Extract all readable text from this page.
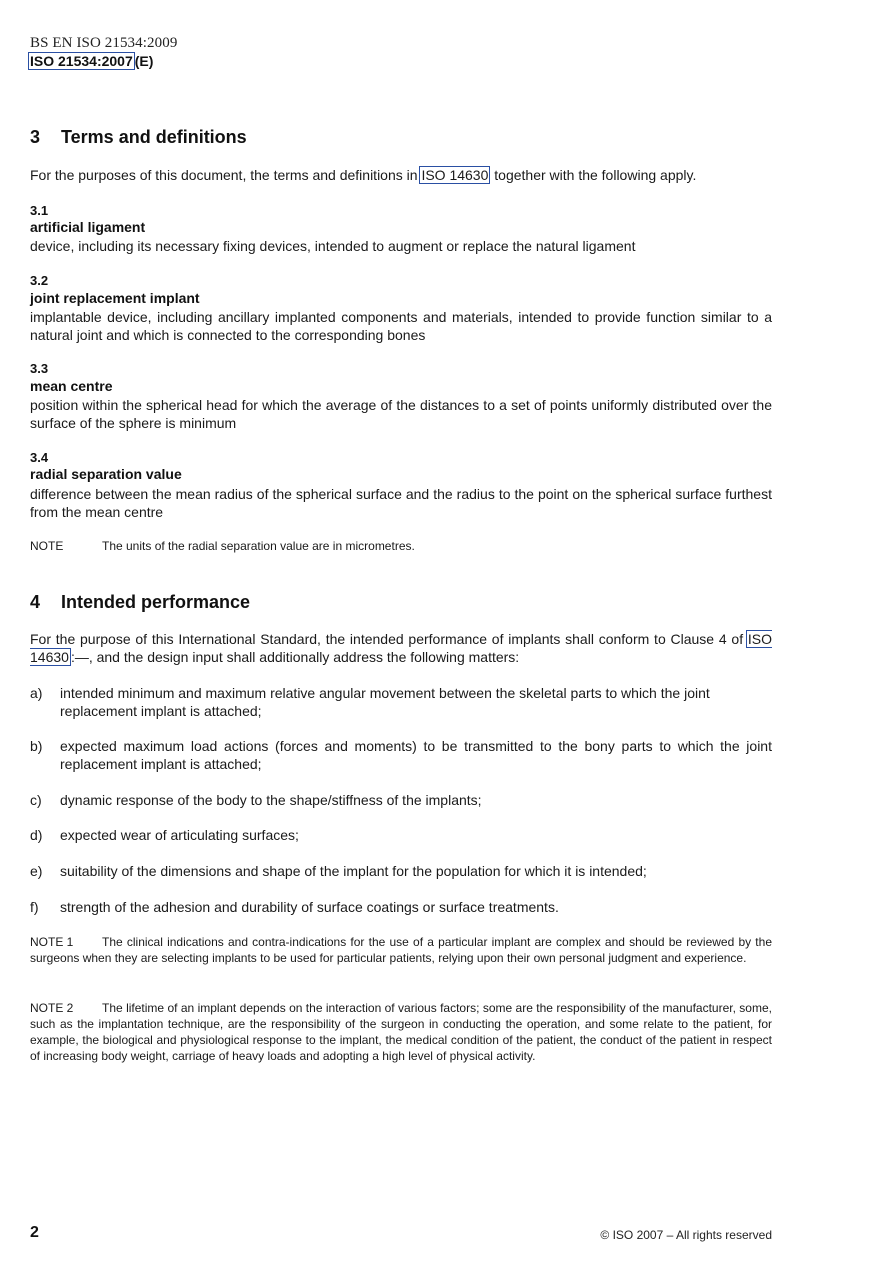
BS EN ISO 21534:2009
ISO 21534:2007 (E)
3 Terms and definitions
For the purposes of this document, the terms and definitions in ISO 14630 together with the following apply.
3.1
artificial ligament
device, including its necessary fixing devices, intended to augment or replace the natural ligament
3.2
joint replacement implant
implantable device, including ancillary implanted components and materials, intended to provide function similar to a natural joint and which is connected to the corresponding bones
3.3
mean centre
position within the spherical head for which the average of the distances to a set of points uniformly distributed over the surface of the sphere is minimum
3.4
radial separation value
difference between the mean radius of the spherical surface and the radius to the point on the spherical surface furthest from the mean centre
NOTE	The units of the radial separation value are in micrometres.
4 Intended performance
For the purpose of this International Standard, the intended performance of implants shall conform to Clause 4 of ISO 14630 :—, and the design input shall additionally address the following matters:
a)	intended minimum and maximum relative angular movement between the skeletal parts to which the joint replacement implant is attached;
b)	expected maximum load actions (forces and moments) to be transmitted to the bony parts to which the joint replacement implant is attached;
c)	dynamic response of the body to the shape/stiffness of the implants;
d)	expected wear of articulating surfaces;
e)	suitability of the dimensions and shape of the implant for the population for which it is intended;
f)	strength of the adhesion and durability of surface coatings or surface treatments.
NOTE 1 The clinical indications and contra-indications for the use of a particular implant are complex and should be reviewed by the surgeons when they are selecting implants to be used for particular patients, relying upon their own personal judgment and experience.
NOTE 2 The lifetime of an implant depends on the interaction of various factors; some are the responsibility of the manufacturer, some, such as the implantation technique, are the responsibility of the surgeon in conducting the operation, and some relate to the patient, for example, the biological and physiological response to the implant, the medical condition of the patient, the conduct of the patient in respect of increasing body weight, carriage of heavy loads and adopting a high level of physical activity.
2	© ISO 2007 – All rights reserved
